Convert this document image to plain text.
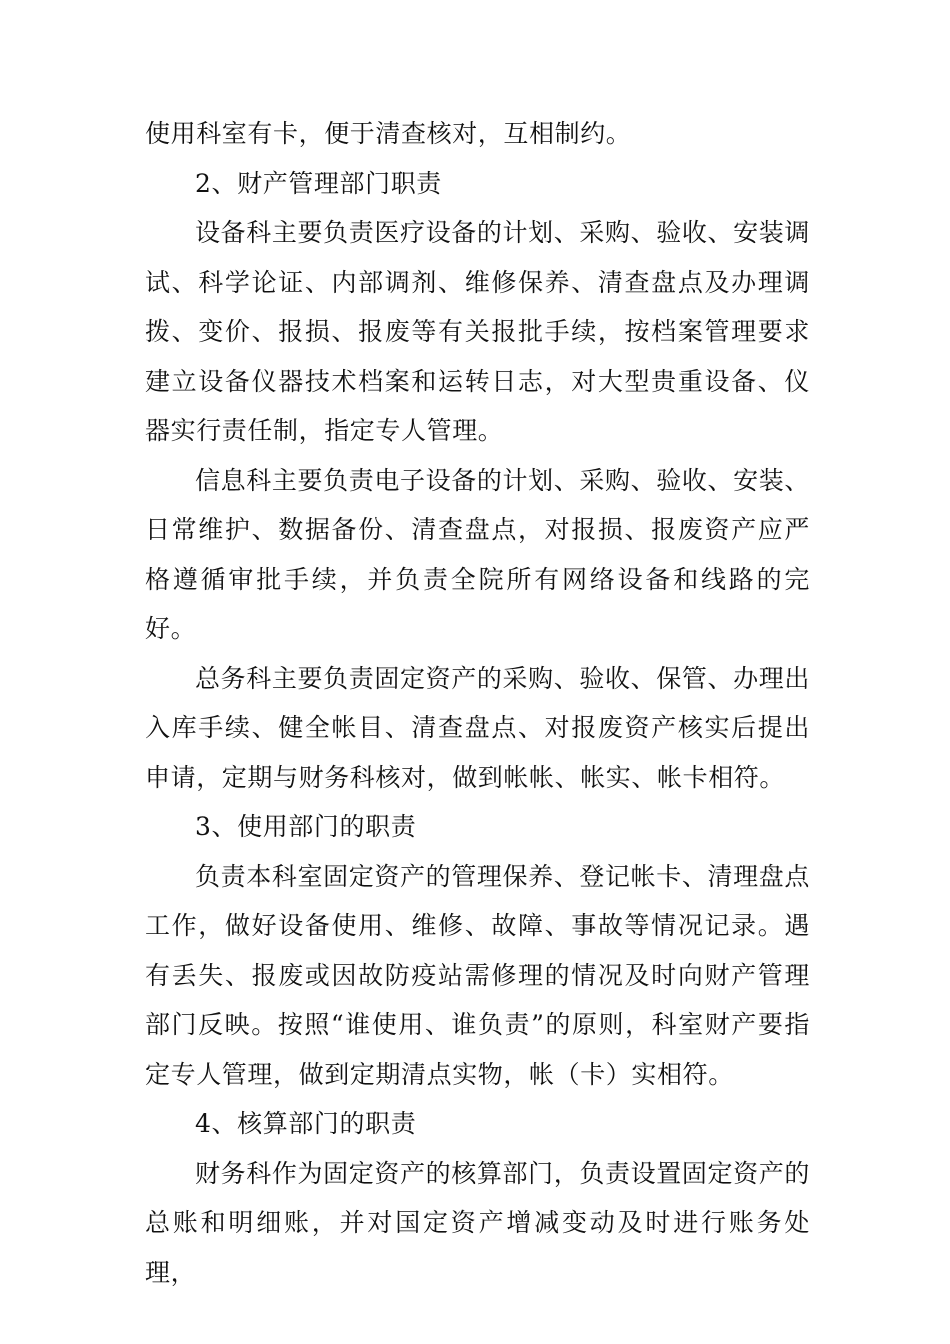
使用科室有卡，便于清查核对，互相制约。

2、财产管理部门职责

设备科主要负责医疗设备的计划、采购、验收、安装调试、科学论证、内部调剂、维修保养、清查盘点及办理调拨、变价、报损、报废等有关报批手续，按档案管理要求建立设备仪器技术档案和运转日志，对大型贵重设备、仪器实行责任制，指定专人管理。

信息科主要负责电子设备的计划、采购、验收、安装、日常维护、数据备份、清查盘点，对报损、报废资产应严格遵循审批手续，并负责全院所有网络设备和线路的完好。

总务科主要负责固定资产的采购、验收、保管、办理出入库手续、健全帐目、清查盘点、对报废资产核实后提出申请，定期与财务科核对，做到帐帐、帐实、帐卡相符。

3、使用部门的职责

负责本科室固定资产的管理保养、登记帐卡、清理盘点工作，做好设备使用、维修、故障、事故等情况记录。遇有丢失、报废或因故防疫站需修理的情况及时向财产管理部门反映。按照“谁使用、谁负责”的原则，科室财产要指定专人管理，做到定期清点实物，帐（卡）实相符。

4、核算部门的职责

财务科作为固定资产的核算部门，负责设置固定资产的总账和明细账，并对国定资产增减变动及时进行账务处理，
